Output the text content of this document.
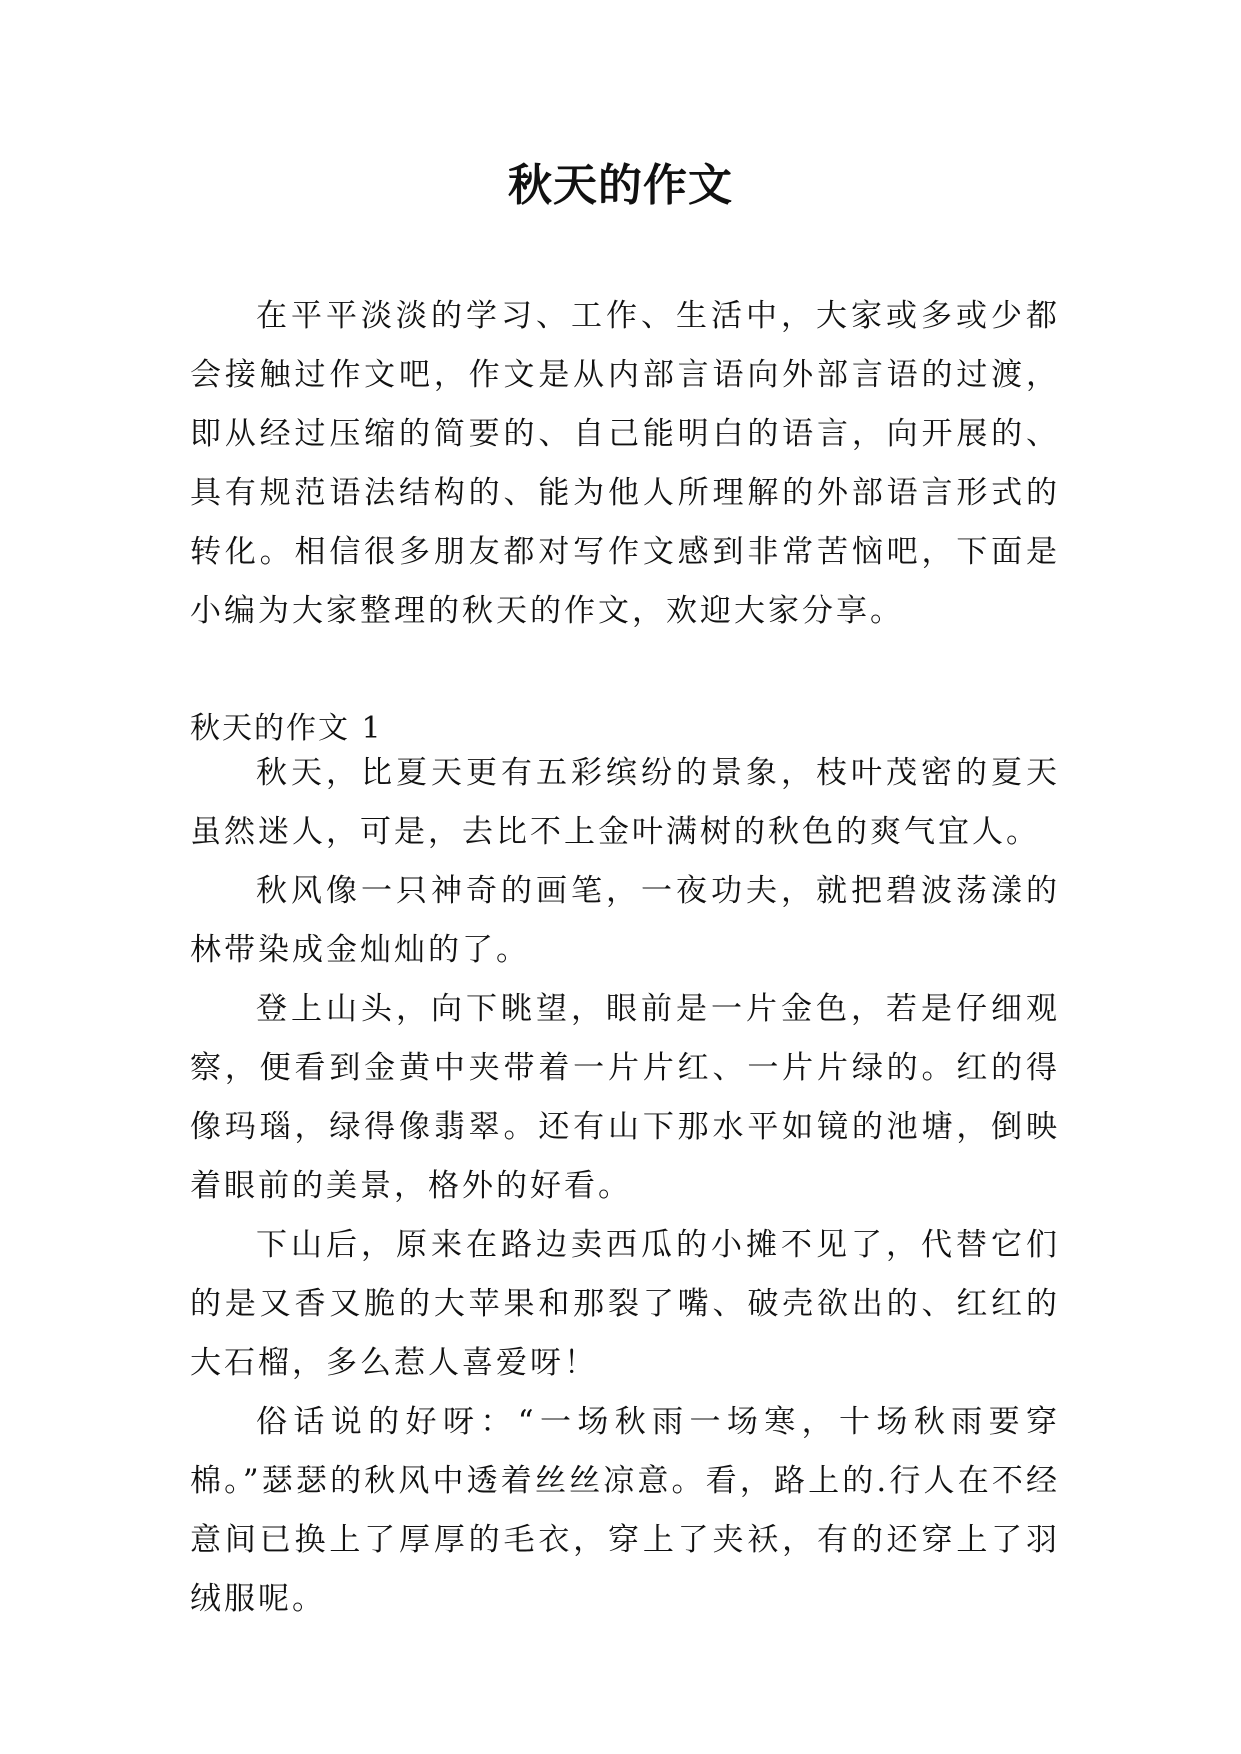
秋天的作文

在平平淡淡的学习、工作、生活中，大家或多或少都会接触过作文吧，作文是从内部言语向外部言语的过渡，即从经过压缩的简要的、自己能明白的语言，向开展的、具有规范语法结构的、能为他人所理解的外部语言形式的转化。相信很多朋友都对写作文感到非常苦恼吧，下面是小编为大家整理的秋天的作文，欢迎大家分享。

秋天的作文 1

秋天，比夏天更有五彩缤纷的景象，枝叶茂密的夏天虽然迷人，可是，去比不上金叶满树的秋色的爽气宜人。

秋风像一只神奇的画笔，一夜功夫，就把碧波荡漾的林带染成金灿灿的了。

登上山头，向下眺望，眼前是一片金色，若是仔细观察，便看到金黄中夹带着一片片红、一片片绿的。红的得像玛瑙，绿得像翡翠。还有山下那水平如镜的池塘，倒映着眼前的美景，格外的好看。

下山后，原来在路边卖西瓜的小摊不见了，代替它们的是又香又脆的大苹果和那裂了嘴、破壳欲出的、红红的大石榴，多么惹人喜爱呀！

俗话说的好呀：“一场秋雨一场寒，十场秋雨要穿棉。”瑟瑟的秋风中透着丝丝凉意。看，路上的.行人在不经意间已换上了厚厚的毛衣，穿上了夹袄，有的还穿上了羽绒服呢。
